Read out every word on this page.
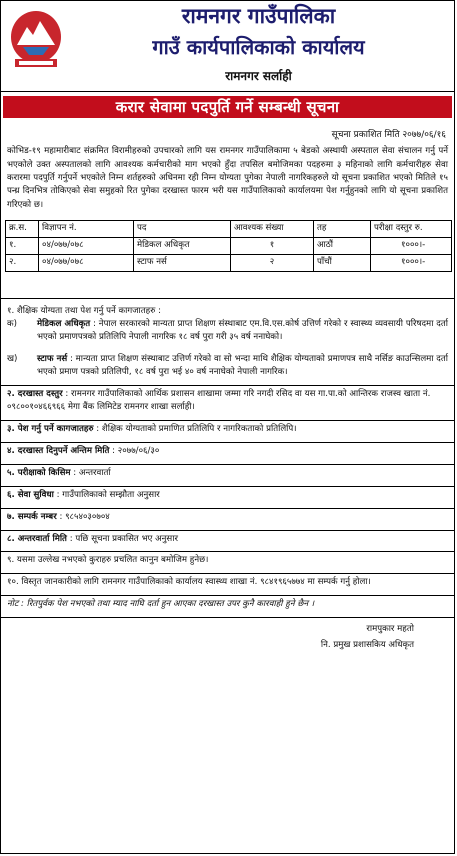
रामनगर गाउँपालिका
गाउँ कार्यपालिकाको कार्यालय
रामनगर सर्लाही
करार सेवामा पदपुर्ति गर्ने सम्बन्धी सूचना
सूचना प्रकाशित मिति २०७७/०६/१६
कोभिड-१९ महामारीबाट संक्रमित विरामीहरुको उपचारको लागि यस रामनगर गाउँपालिकामा ५ बेडको अस्थायी अस्पताल सेवा संचालन गर्नु पर्ने भएकोले उक्त अस्पतालको लागि आवश्यक कर्मचारीको माग भएको हुँदा तपसिल बमोजिमका पदहरुमा ३ महिनाको लागि कर्मचारीहरु सेवा करारमा पदपुर्ति गर्नुपर्ने भएकोले निम्न शर्तहरुको अधिनमा रही निम्न योग्यता पुगेका नेपाली नागरिकहरुले यो सूचना प्रकाशित भएको मितिले १५ पन्ध्र दिनभित्र तोकिएको सेवा समुहको रित पुगेका दरखास्त फारम भरी यस गाउँपालिकाको कार्यालयमा पेश गर्नुहुनको लागि यो सूचना प्रकाशित गरिएको छ।
क्र.स.	विज्ञापन नं.	पद	आवश्यक संख्या	तह	परीक्षा दस्तुर रु.
१.	०४/०७७/०७८	मेडिकल अधिकृत	१	आठौं	१०००।-
२.	०४/०७७/०७८	स्टाफ नर्स	२	पाँचौं	१०००।-
१. शैक्षिक योग्यता तथा पेश गर्नु पर्ने कागजातहरु :
क)	मेडिकल अधिकृत : नेपाल सरकारको मान्यता प्राप्त शिक्षण संस्थाबाट एम.वि.एस.कोर्ष उत्तिर्ण गरेको र स्वास्थ्य व्यवसायी परिषदमा दर्ता भएको प्रमाणपत्रको प्रतिलिपि नेपाली नागरिक १८ वर्ष पुरा गरी ३५ वर्ष ननाघेको।
ख)	स्टाफ नर्स : मान्यता प्राप्त शिक्षण संस्थाबाट उत्तिर्ण गरेको वा सो भन्दा माथि शैक्षिक योग्यताको प्रमाणपत्र साथै नर्सिङ काउन्सिलमा दर्ता भएको प्रमाण पत्रको प्रतिलिपी, १८ वर्ष पुरा भई ४० वर्ष ननाघेको नेपाली नागरिक।
२. दरखास्त दस्तुर : रामनगर गाउँपालिकाको आर्थिक प्रशासन शाखामा जम्मा गरि नगदी रसिद वा यस गा.पा.को आन्तिरक राजस्व खाता नं. ०९८००१०४६६९६६ मेगा बैंक लिमिटेड रामनगर शाखा सर्लाही।
३. पेश गर्नु पर्ने कागजातहरु : शैक्षिक योग्यताको प्रमाणित प्रतिलिपि र नागरिकताको प्रतिलिपि।
४. दरखास्त दिनुपर्ने अन्तिम मिति : २०७७/०६/३०
५. परीक्षाको किसिम : अन्तरवार्ता
६. सेवा सुविधा : गाउँपालिकाको सम्झौता अनुसार
७. सम्पर्क नम्बर : ९८५४०३०७०४
८. अन्तरवार्ता मिति : पछि सूचना प्रकासित भए अनुसार
९. यसमा उल्लेख नभएको कुराहरु प्रचलित कानुन बमोजिम हुनेछ।
१०. विस्तृत जानकारीको लागि रामनगर गाउँपालिकाको कार्यालय स्वास्थ्य शाखा नं. ९८४१९६५७७४ मा सम्पर्क गर्नु होला।
नोट : रितपुर्वक पेश नभएको तथा म्याद नाघि दर्ता हुन आएका दरखास्त उपर कुनै कारवाही हुने छैन ।
रामपुकार महतो
नि. प्रमुख प्रशासकिय अधिकृत
